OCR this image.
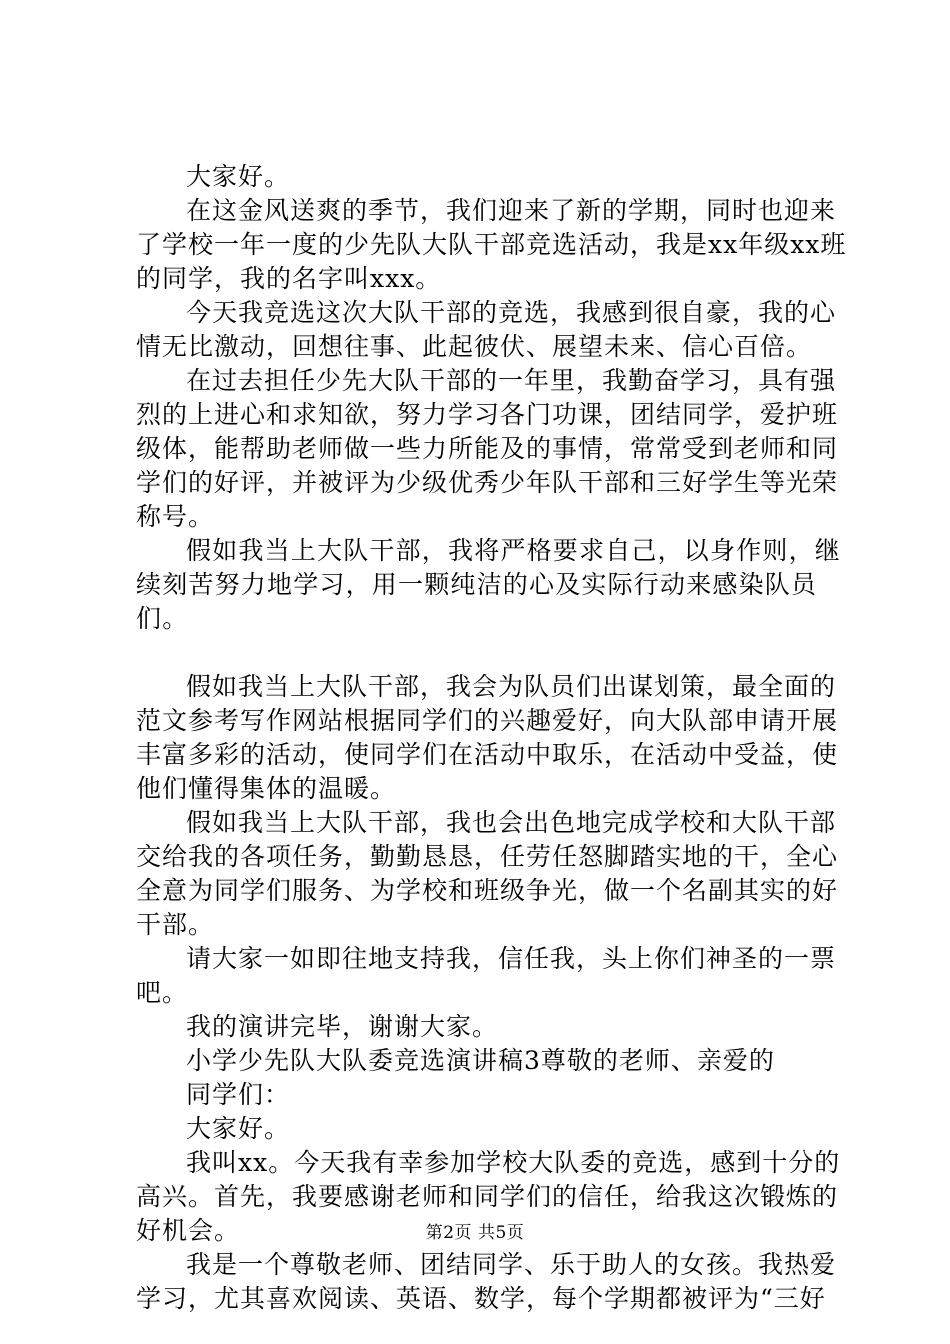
大家好。

在这金风送爽的季节，我们迎来了新的学期，同时也迎来了学校一年一度的少先队大队干部竞选活动，我是xx年级xx班的同学，我的名字叫xxx。

今天我竞选这次大队干部的竞选，我感到很自豪，我的心情无比激动，回想往事、此起彼伏、展望未来、信心百倍。

在过去担任少先大队干部的一年里，我勤奋学习，具有强烈的上进心和求知欲，努力学习各门功课，团结同学，爱护班级体，能帮助老师做一些力所能及的事情，常常受到老师和同学们的好评，并被评为少级优秀少年队干部和三好学生等光荣称号。

假如我当上大队干部，我将严格要求自己，以身作则，继续刻苦努力地学习，用一颗纯洁的心及实际行动来感染队员们。

假如我当上大队干部，我会为队员们出谋划策，最全面的范文参考写作网站根据同学们的兴趣爱好，向大队部申请开展丰富多彩的活动，使同学们在活动中取乐，在活动中受益，使他们懂得集体的温暖。

假如我当上大队干部，我也会出色地完成学校和大队干部交给我的各项任务，勤勤恳恳，任劳任怒脚踏实地的干，全心全意为同学们服务、为学校和班级争光，做一个名副其实的好干部。

请大家一如即往地支持我，信任我，头上你们神圣的一票吧。

我的演讲完毕，谢谢大家。

小学少先队大队委竞选演讲稿3尊敬的老师、亲爱的

同学们：

大家好。

我叫xx。今天我有幸参加学校大队委的竞选，感到十分的高兴。首先，我要感谢老师和同学们的信任，给我这次锻炼的好机会。

我是一个尊敬老师、团结同学、乐于助人的女孩。我热爱学习，尤其喜欢阅读、英语、数学，每个学期都被评为“三好

第2页 共5页
